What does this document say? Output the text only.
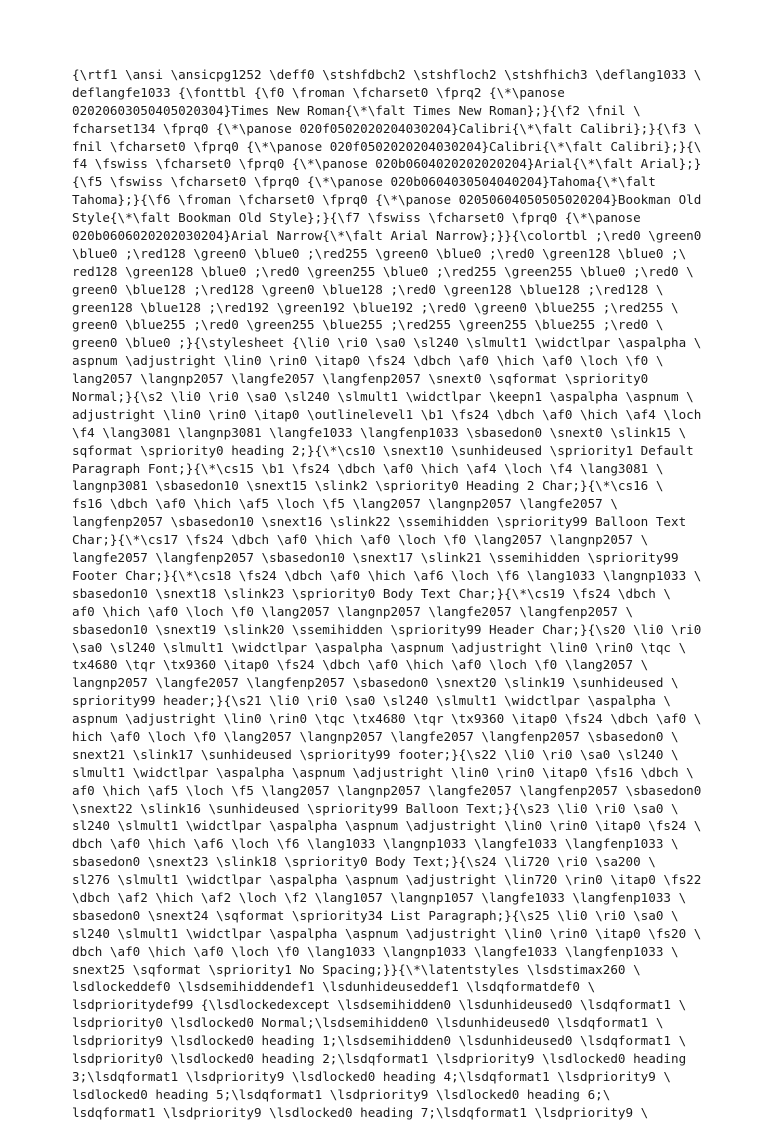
{\rtf1 \ansi \ansicpg1252 \deff0 \stshfdbch2 \stshfloch2 \stshfhich3 \deflang1033 \
deflangfe1033 {\fonttbl {\f0 \froman \fcharset0 \fprq2 {\*\panose
02020603050405020304}Times New Roman{\*\falt Times New Roman};}{\f2 \fnil \
fcharset134 \fprq0 {\*\panose 020f0502020204030204}Calibri{\*\falt Calibri};}{\f3 \
fnil \fcharset0 \fprq0 {\*\panose 020f0502020204030204}Calibri{\*\falt Calibri};}{\
f4 \fswiss \fcharset0 \fprq0 {\*\panose 020b0604020202020204}Arial{\*\falt Arial};}
{\f5 \fswiss \fcharset0 \fprq0 {\*\panose 020b0604030504040204}Tahoma{\*\falt
Tahoma};}{\f6 \froman \fcharset0 \fprq0 {\*\panose 02050604050505020204}Bookman Old
Style{\*\falt Bookman Old Style};}{\f7 \fswiss \fcharset0 \fprq0 {\*\panose
020b0606020202030204}Arial Narrow{\*\falt Arial Narrow};}}{\colortbl ;\red0 \green0
\blue0 ;\red128 \green0 \blue0 ;\red255 \green0 \blue0 ;\red0 \green128 \blue0 ;\
red128 \green128 \blue0 ;\red0 \green255 \blue0 ;\red255 \green255 \blue0 ;\red0 \
green0 \blue128 ;\red128 \green0 \blue128 ;\red0 \green128 \blue128 ;\red128 \
green128 \blue128 ;\red192 \green192 \blue192 ;\red0 \green0 \blue255 ;\red255 \
green0 \blue255 ;\red0 \green255 \blue255 ;\red255 \green255 \blue255 ;\red0 \
green0 \blue0 ;}{\stylesheet {\li0 \ri0 \sa0 \sl240 \slmult1 \widctlpar \aspalpha \
aspnum \adjustright \lin0 \rin0 \itap0 \fs24 \dbch \af0 \hich \af0 \loch \f0 \
lang2057 \langnp2057 \langfe2057 \langfenp2057 \snext0 \sqformat \spriority0
Normal;}{\s2 \li0 \ri0 \sa0 \sl240 \slmult1 \widctlpar \keepn1 \aspalpha \aspnum \
adjustright \lin0 \rin0 \itap0 \outlinelevel1 \b1 \fs24 \dbch \af0 \hich \af4 \loch
\f4 \lang3081 \langnp3081 \langfe1033 \langfenp1033 \sbasedon0 \snext0 \slink15 \
sqformat \spriority0 heading 2;}{\*\cs10 \snext10 \sunhideused \spriority1 Default
Paragraph Font;}{\*\cs15 \b1 \fs24 \dbch \af0 \hich \af4 \loch \f4 \lang3081 \
langnp3081 \sbasedon10 \snext15 \slink2 \spriority0 Heading 2 Char;}{\*\cs16 \
fs16 \dbch \af0 \hich \af5 \loch \f5 \lang2057 \langnp2057 \langfe2057 \
langfenp2057 \sbasedon10 \snext16 \slink22 \ssemihidden \spriority99 Balloon Text
Char;}{\*\cs17 \fs24 \dbch \af0 \hich \af0 \loch \f0 \lang2057 \langnp2057 \
langfe2057 \langfenp2057 \sbasedon10 \snext17 \slink21 \ssemihidden \spriority99
Footer Char;}{\*\cs18 \fs24 \dbch \af0 \hich \af6 \loch \f6 \lang1033 \langnp1033 \
sbasedon10 \snext18 \slink23 \spriority0 Body Text Char;}{\*\cs19 \fs24 \dbch \
af0 \hich \af0 \loch \f0 \lang2057 \langnp2057 \langfe2057 \langfenp2057 \
sbasedon10 \snext19 \slink20 \ssemihidden \spriority99 Header Char;}{\s20 \li0 \ri0
\sa0 \sl240 \slmult1 \widctlpar \aspalpha \aspnum \adjustright \lin0 \rin0 \tqc \
tx4680 \tqr \tx9360 \itap0 \fs24 \dbch \af0 \hich \af0 \loch \f0 \lang2057 \
langnp2057 \langfe2057 \langfenp2057 \sbasedon0 \snext20 \slink19 \sunhideused \
spriority99 header;}{\s21 \li0 \ri0 \sa0 \sl240 \slmult1 \widctlpar \aspalpha \
aspnum \adjustright \lin0 \rin0 \tqc \tx4680 \tqr \tx9360 \itap0 \fs24 \dbch \af0 \
hich \af0 \loch \f0 \lang2057 \langnp2057 \langfe2057 \langfenp2057 \sbasedon0 \
snext21 \slink17 \sunhideused \spriority99 footer;}{\s22 \li0 \ri0 \sa0 \sl240 \
slmult1 \widctlpar \aspalpha \aspnum \adjustright \lin0 \rin0 \itap0 \fs16 \dbch \
af0 \hich \af5 \loch \f5 \lang2057 \langnp2057 \langfe2057 \langfenp2057 \sbasedon0
\snext22 \slink16 \sunhideused \spriority99 Balloon Text;}{\s23 \li0 \ri0 \sa0 \
sl240 \slmult1 \widctlpar \aspalpha \aspnum \adjustright \lin0 \rin0 \itap0 \fs24 \
dbch \af0 \hich \af6 \loch \f6 \lang1033 \langnp1033 \langfe1033 \langfenp1033 \
sbasedon0 \snext23 \slink18 \spriority0 Body Text;}{\s24 \li720 \ri0 \sa200 \
sl276 \slmult1 \widctlpar \aspalpha \aspnum \adjustright \lin720 \rin0 \itap0 \fs22
\dbch \af2 \hich \af2 \loch \f2 \lang1057 \langnp1057 \langfe1033 \langfenp1033 \
sbasedon0 \snext24 \sqformat \spriority34 List Paragraph;}{\s25 \li0 \ri0 \sa0 \
sl240 \slmult1 \widctlpar \aspalpha \aspnum \adjustright \lin0 \rin0 \itap0 \fs20 \
dbch \af0 \hich \af0 \loch \f0 \lang1033 \langnp1033 \langfe1033 \langfenp1033 \
snext25 \sqformat \spriority1 No Spacing;}}{\*\latentstyles \lsdstimax260 \
lsdlockeddef0 \lsdsemihiddendef1 \lsdunhideuseddef1 \lsdqformatdef0 \
lsdprioritydef99 {\lsdlockedexcept \lsdsemihidden0 \lsdunhideused0 \lsdqformat1 \
lsdpriority0 \lsdlocked0 Normal;\lsdsemihidden0 \lsdunhideused0 \lsdqformat1 \
lsdpriority9 \lsdlocked0 heading 1;\lsdsemihidden0 \lsdunhideused0 \lsdqformat1 \
lsdpriority0 \lsdlocked0 heading 2;\lsdqformat1 \lsdpriority9 \lsdlocked0 heading
3;\lsdqformat1 \lsdpriority9 \lsdlocked0 heading 4;\lsdqformat1 \lsdpriority9 \
lsdlocked0 heading 5;\lsdqformat1 \lsdpriority9 \lsdlocked0 heading 6;\
lsdqformat1 \lsdpriority9 \lsdlocked0 heading 7;\lsdqformat1 \lsdpriority9 \
